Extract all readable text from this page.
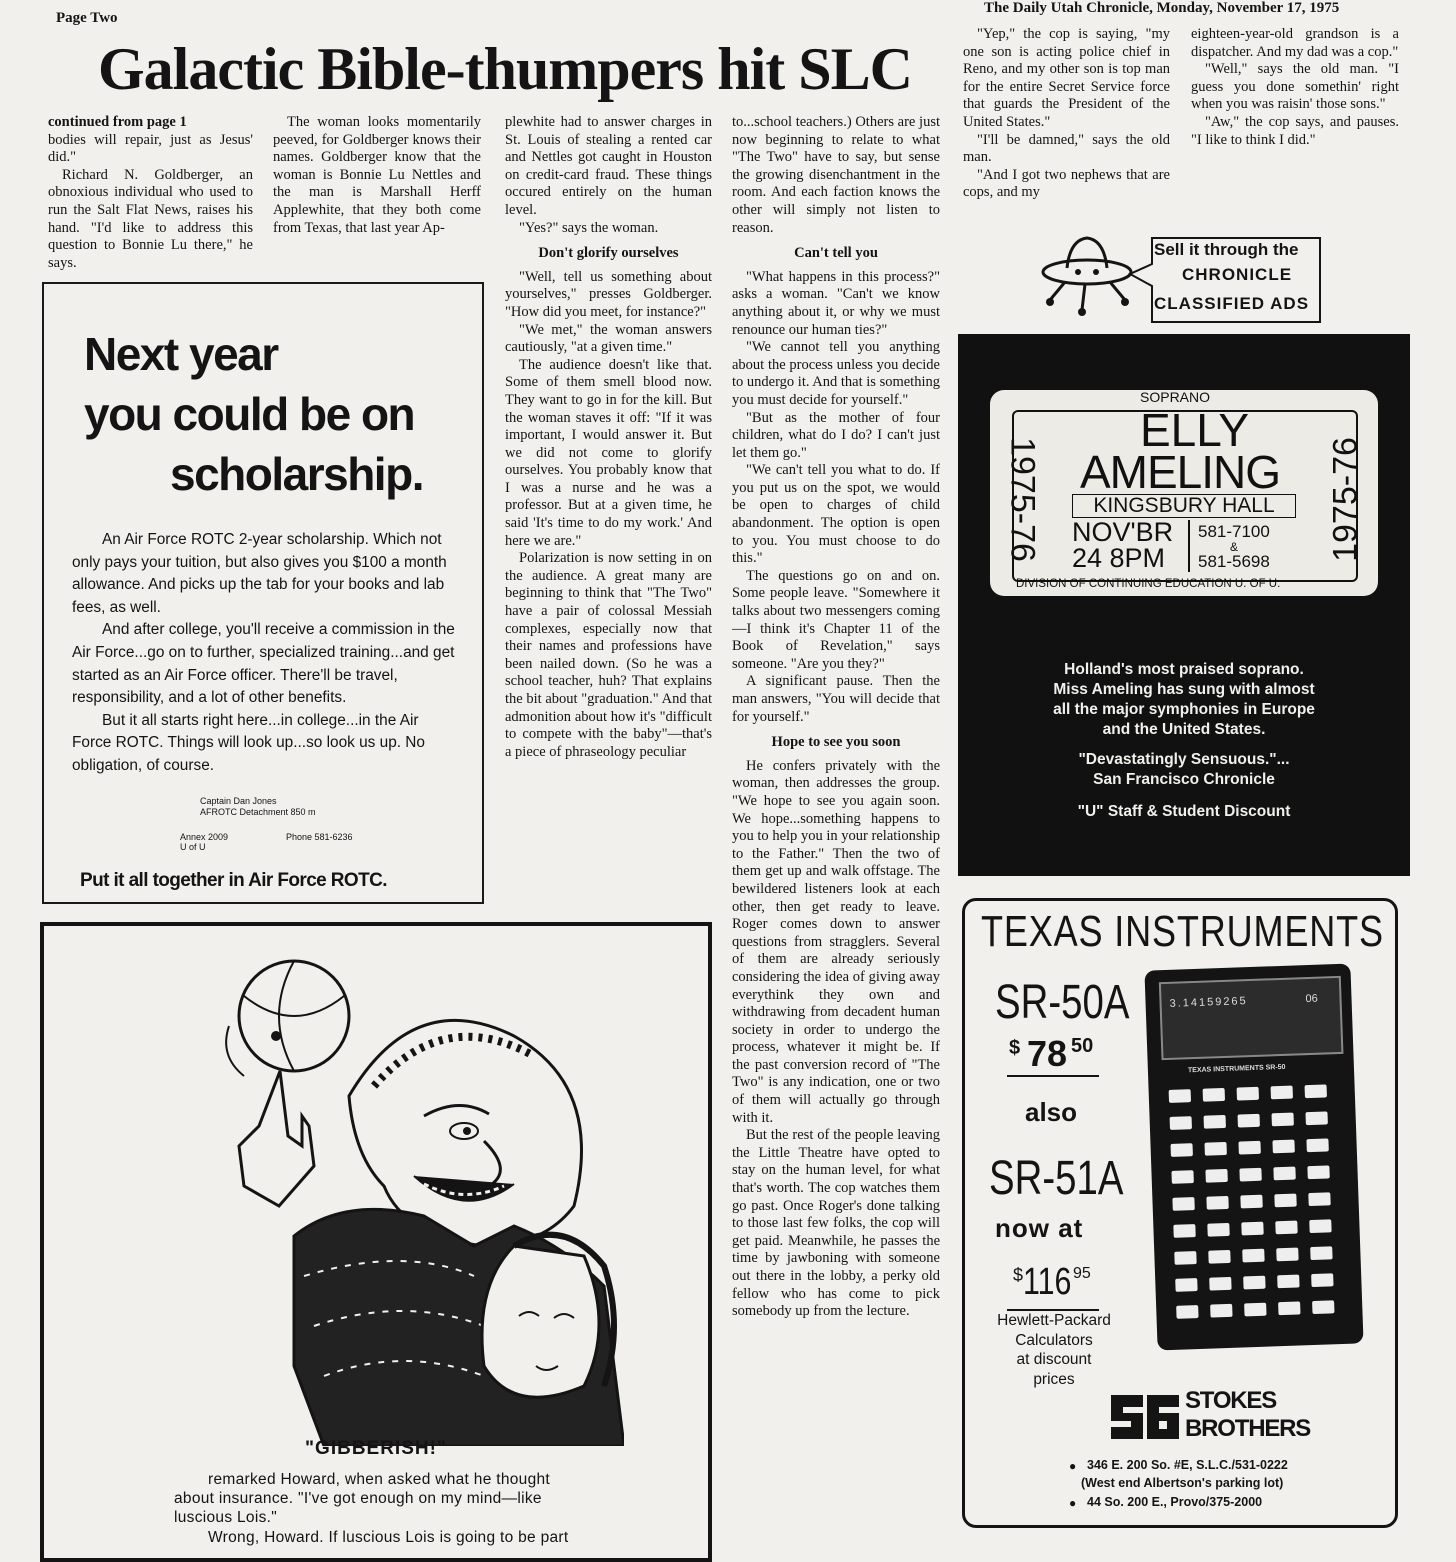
Page Two
The Daily Utah Chronicle, Monday, November 17, 1975
Galactic Bible-thumpers hit SLC

continued from page 1

bodies will repair, just as Jesus' did."

Richard N. Goldberger, an obnoxious individual who used to run the Salt Flat News, raises his hand. "I'd like to address this question to Bonnie Lu there," he says.

The woman looks momentarily peeved, for Goldberger knows their names. Goldberger know that the woman is Bonnie Lu Nettles and the man is Marshall Herff Applewhite, that they both come from Texas, that last year Ap-

plewhite had to answer charges in St. Louis of stealing a rented car and Nettles got caught in Houston on credit-card fraud. These things occured entirely on the human level.

"Yes?" says the woman.

Don't glorify ourselves

"Well, tell us something about yourselves," presses Goldberger. "How did you meet, for instance?"

"We met," the woman answers cautiously, "at a given time."

The audience doesn't like that. Some of them smell blood now. They want to go in for the kill. But the woman staves it off: "If it was important, I would answer it. But we did not come to glorify ourselves. You probably know that I was a nurse and he was a professor. But at a given time, he said 'It's time to do my work.' And here we are."

Polarization is now setting in on the audience. A great many are beginning to think that "The Two" have a pair of colossal Messiah complexes, especially now that their names and professions have been nailed down. (So he was a school teacher, huh? That explains the bit about "graduation." And that admonition about how it's "difficult to compete with the baby"—that's a piece of phraseology peculiar

to...school teachers.) Others are just now beginning to relate to what "The Two" have to say, but sense the growing disenchantment in the room. And each faction knows the other will simply not listen to reason.

Can't tell you

"What happens in this process?" asks a woman. "Can't we know anything about it, or why we must renounce our human ties?"

"We cannot tell you anything about the process unless you decide to undergo it. And that is something you must decide for yourself."

"But as the mother of four children, what do I do? I can't just let them go."

"We can't tell you what to do. If you put us on the spot, we would be open to charges of child abandonment. The option is open to you. You must choose to do this."

The questions go on and on. Some people leave. "Somewhere it talks about two messengers coming—I think it's Chapter 11 of the Book of Revelation," says someone. "Are you they?"

A significant pause. Then the man answers, "You will decide that for yourself."

Hope to see you soon

He confers privately with the woman, then addresses the group. "We hope to see you again soon. We hope...something happens to you to help you in your relationship to the Father." Then the two of them get up and walk offstage. The bewildered listeners look at each other, then get ready to leave. Roger comes down to answer questions from stragglers. Several of them are already seriously considering the idea of giving away everythink they own and withdrawing from decadent human society in order to undergo the process, whatever it might be. If the past conversion record of "The Two" is any indication, one or two of them will actually go through with it.

But the rest of the people leaving the Little Theatre have opted to stay on the human level, for what that's worth. The cop watches them go past. Once Roger's done talking to those last few folks, the cop will get paid. Meanwhile, he passes the time by jawboning with someone out there in the lobby, a perky old fellow who has come to pick somebody up from the lecture.

"Yep," the cop is saying, "my one son is acting police chief in Reno, and my other son is top man for the entire Secret Service force that guards the President of the United States."

"I'll be damned," says the old man.

"And I got two nephews that are cops, and my

eighteen-year-old grandson is a dispatcher. And my dad was a cop."

"Well," says the old man. "I guess you done somethin' right when you was raisin' those sons."

"Aw," the cop says, and pauses. "I like to think I did."

Sell it through the
CHRONICLE
CLASSIFIED ADS
Next year
you could be on
scholarship.

An Air Force ROTC 2-year scholarship. Which not only pays your tuition, but also gives you $100 a month allowance. And picks up the tab for your books and lab fees, as well.

And after college, you'll receive a commission in the Air Force...go on to further, specialized training...and get started as an Air Force officer. There'll be travel, responsibility, and a lot of other benefits.

But it all starts right here...in college...in the Air Force ROTC. Things will look up...so look us up. No obligation, of course.

Captain Dan Jones
AFROTC Detachment 850 m
Annex 2009
U of U
Phone 581-6236
Put it all together in Air Force ROTC.
SOPRANO
1975-76	1975-76
ELLY
AMELING
KINGSBURY HALL
NOV'BR
24 8PM
581-7100
&
581-5698
DIVISION OF CONTINUING EDUCATION U. OF U.
Holland's most praised soprano.
Miss Ameling has sung with almost
all the major symphonies in Europe
and the United States.
"Devastatingly Sensuous."...
San Francisco Chronicle
"U" Staff & Student Discount
"GIBBERISH!"
remarked Howard, when asked what he thought about insurance. "I've got enough on my mind—like luscious Lois."
Wrong, Howard. If luscious Lois is going to be part
TEXAS INSTRUMENTS
SR-50A
$ 78 50
also
SR-51A
now at
$ 116 95
Hewlett-Packard
Calculators
at discount
prices
3.14159265	06
TEXAS INSTRUMENTS SR-50
STOKES
BROTHERS
● 346 E. 200 So. #E, S.L.C./531-0222
(West end Albertson's parking lot)
● 44 So. 200 E., Provo/375-2000
